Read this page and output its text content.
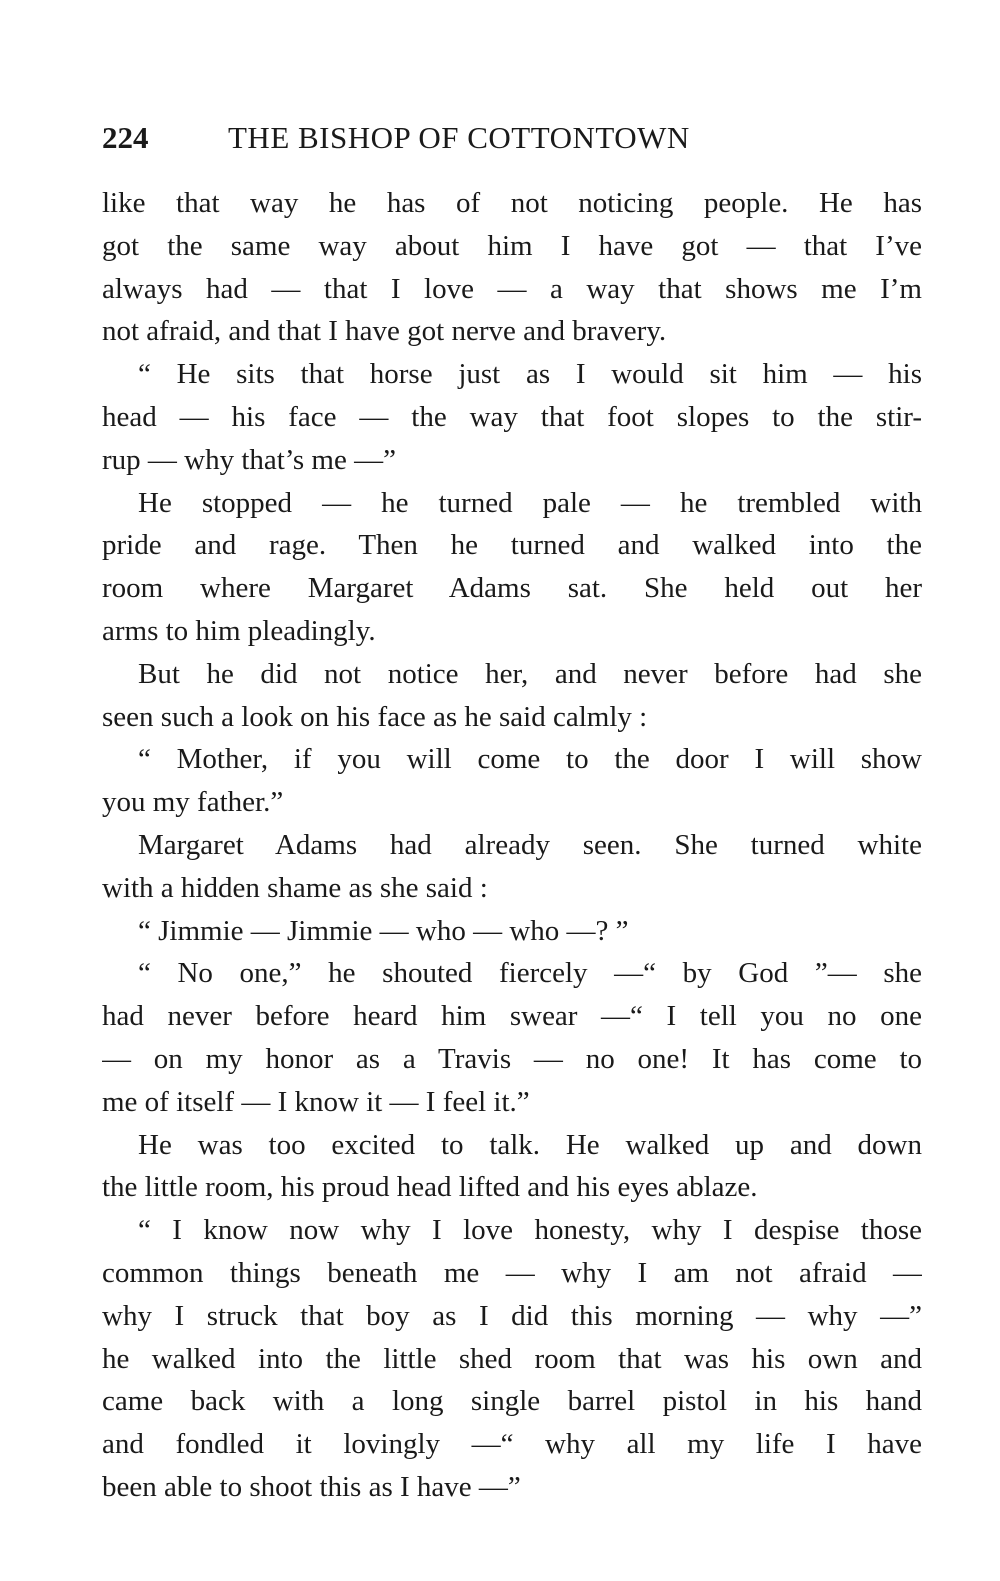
224	THE BISHOP OF COTTONTOWN
like that way he has of not noticing people. He has
got the same way about him I have got — that I’ve
always had — that I love — a way that shows me I’m
not afraid, and that I have got nerve and bravery.
“ He sits that horse just as I would sit him — his
head — his face — the way that foot slopes to the stir-
rup — why that’s me —”
He stopped — he turned pale — he trembled with
pride and rage. Then he turned and walked into the
room where Margaret Adams sat. She held out her
arms to him pleadingly.
But he did not notice her, and never before had she
seen such a look on his face as he said calmly :
“ Mother, if you will come to the door I will show
you my father.”
Margaret Adams had already seen. She turned white
with a hidden shame as she said :
“ Jimmie — Jimmie — who — who —? ”
“ No one,” he shouted fiercely —“ by God ”— she
had never before heard him swear —“ I tell you no one
— on my honor as a Travis — no one! It has come to
me of itself — I know it — I feel it.”
He was too excited to talk. He walked up and down
the little room, his proud head lifted and his eyes ablaze.
“ I know now why I love honesty, why I despise those
common things beneath me — why I am not afraid —
why I struck that boy as I did this morning — why —”
he walked into the little shed room that was his own and
came back with a long single barrel pistol in his hand
and fondled it lovingly —“ why all my life I have
been able to shoot this as I have —”
